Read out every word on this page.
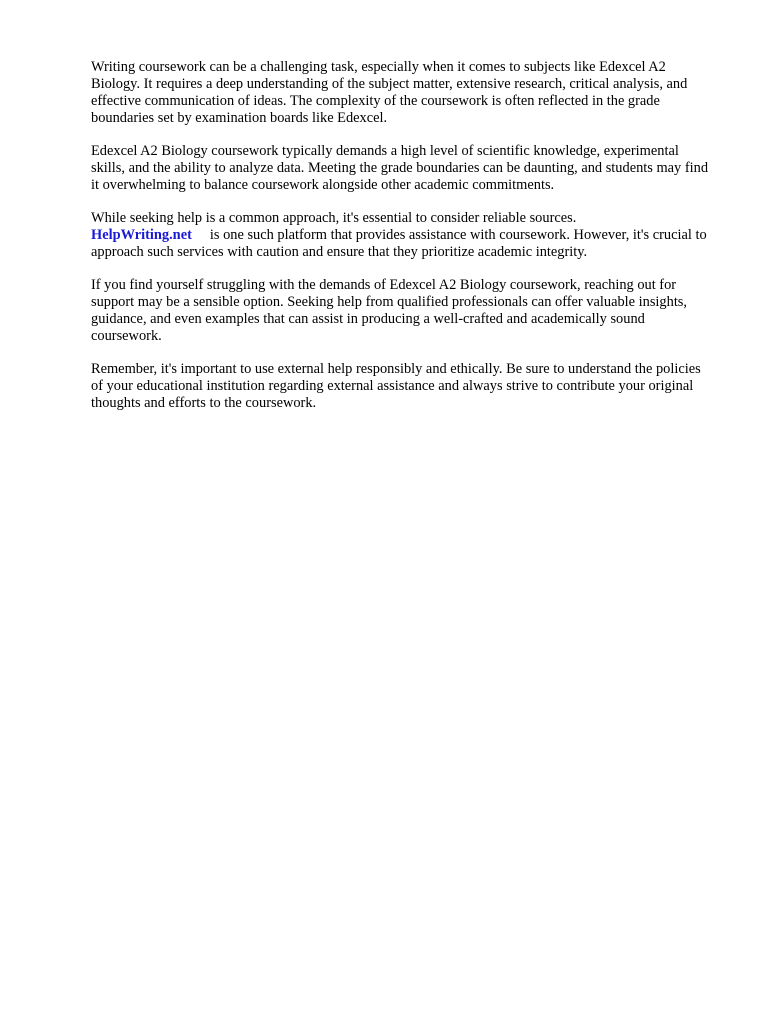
Writing coursework can be a challenging task, especially when it comes to subjects like Edexcel A2 Biology. It requires a deep understanding of the subject matter, extensive research, critical analysis, and effective communication of ideas. The complexity of the coursework is often reflected in the grade boundaries set by examination boards like Edexcel.

Edexcel A2 Biology coursework typically demands a high level of scientific knowledge, experimental skills, and the ability to analyze data. Meeting the grade boundaries can be daunting, and students may find it overwhelming to balance coursework alongside other academic commitments.

While seeking help is a common approach, it's essential to consider reliable sources.
HelpWriting.net is one such platform that provides assistance with coursework. However, it's crucial to approach such services with caution and ensure that they prioritize academic integrity.

If you find yourself struggling with the demands of Edexcel A2 Biology coursework, reaching out for support may be a sensible option. Seeking help from qualified professionals can offer valuable insights, guidance, and even examples that can assist in producing a well-crafted and academically sound coursework.

Remember, it's important to use external help responsibly and ethically. Be sure to understand the policies of your educational institution regarding external assistance and always strive to contribute your original thoughts and efforts to the coursework.
